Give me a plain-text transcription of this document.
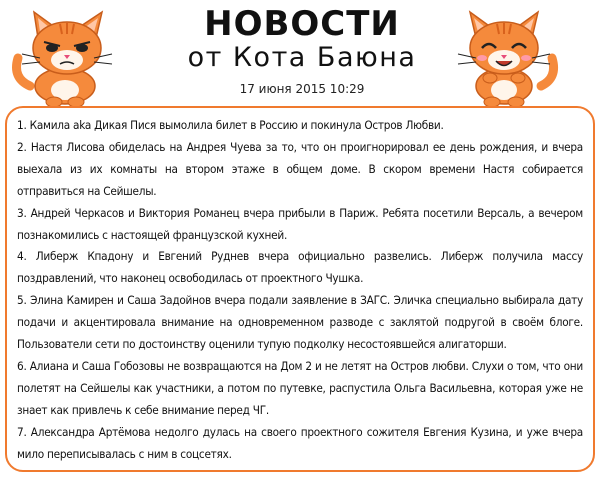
НОВОСТИ
от Кота Баюна
17 июня 2015 10:29
1. Камила aka Дикая Пися вымолила билет в Россию и покинула Остров Любви.
2. Настя Лисова обиделась на Андрея Чуева за то, что он проигнорировал ее день рождения, и вчера выехала из их комнаты на втором этаже в общем доме. В скором времени Настя собирается отправиться на Сейшелы.
3. Андрей Черкасов и Виктория Романец вчера прибыли в Париж. Ребята посетили Версаль, а вечером познакомились с настоящей французской кухней.
4. Либерж Кпадону и Евгений Руднев вчера официально развелись. Либерж получила массу поздравлений, что наконец освободилась от проектного Чушка.
5. Элина Камирен и Саша Задойнов вчера подали заявление в ЗАГС. Эличка специально выбирала дату подачи и акцентировала внимание на одновременном разводе с заклятой подругой в своём блоге. Пользователи сети по достоинству оценили тупую подколку несостоявшейся алигаторши.
6. Алиана и Саша Гобозовы не возвращаются на Дом 2 и не летят на Остров любви. Слухи о том, что они полетят на Сейшелы как участники, а потом по путевке, распустила Ольга Васильевна, которая уже не знает как привлечь к себе внимание перед ЧГ.
7. Александра Артёмова недолго дулась на своего проектного сожителя Евгения Кузина, и уже вчера мило переписывалась с ним в соцсетях.
